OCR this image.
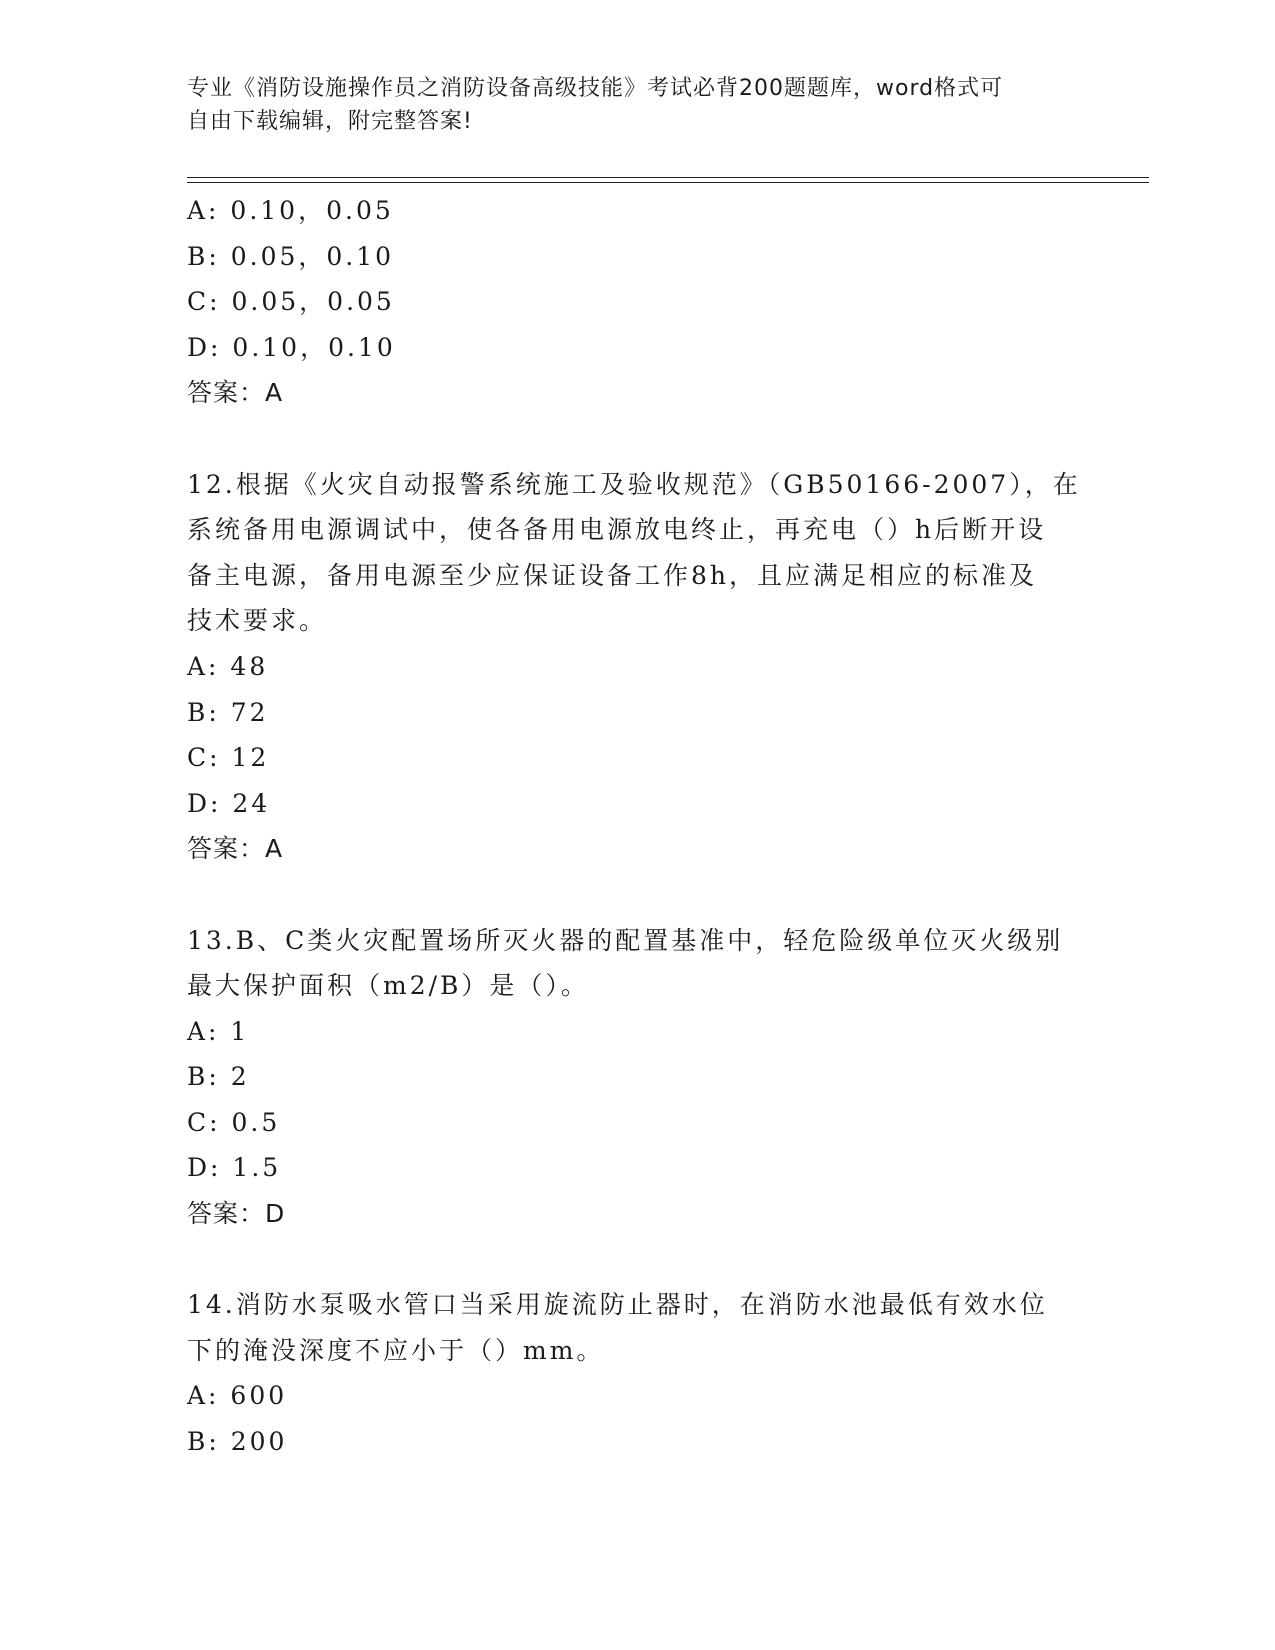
专业《消防设施操作员之消防设备高级技能》考试必背200题题库，word格式可
自由下载编辑，附完整答案!
A: 0.10，0.05
B: 0.05，0.10
C: 0.05，0.05
D: 0.10，0.10
答案：A
12.根据《火灾自动报警系统施工及验收规范》（GB50166-2007），在
系统备用电源调试中，使各备用电源放电终止，再充电（）h后断开设
备主电源，备用电源至少应保证设备工作8h，且应满足相应的标准及
技术要求。
A: 48
B: 72
C: 12
D: 24
答案：A
13.B、C类火灾配置场所灭火器的配置基准中，轻危险级单位灭火级别
最大保护面积（m2/B）是（）。
A: 1
B: 2
C: 0.5
D: 1.5
答案：D
14.消防水泵吸水管口当采用旋流防止器时，在消防水池最低有效水位
下的淹没深度不应小于（）mm。
A: 600
B: 200
